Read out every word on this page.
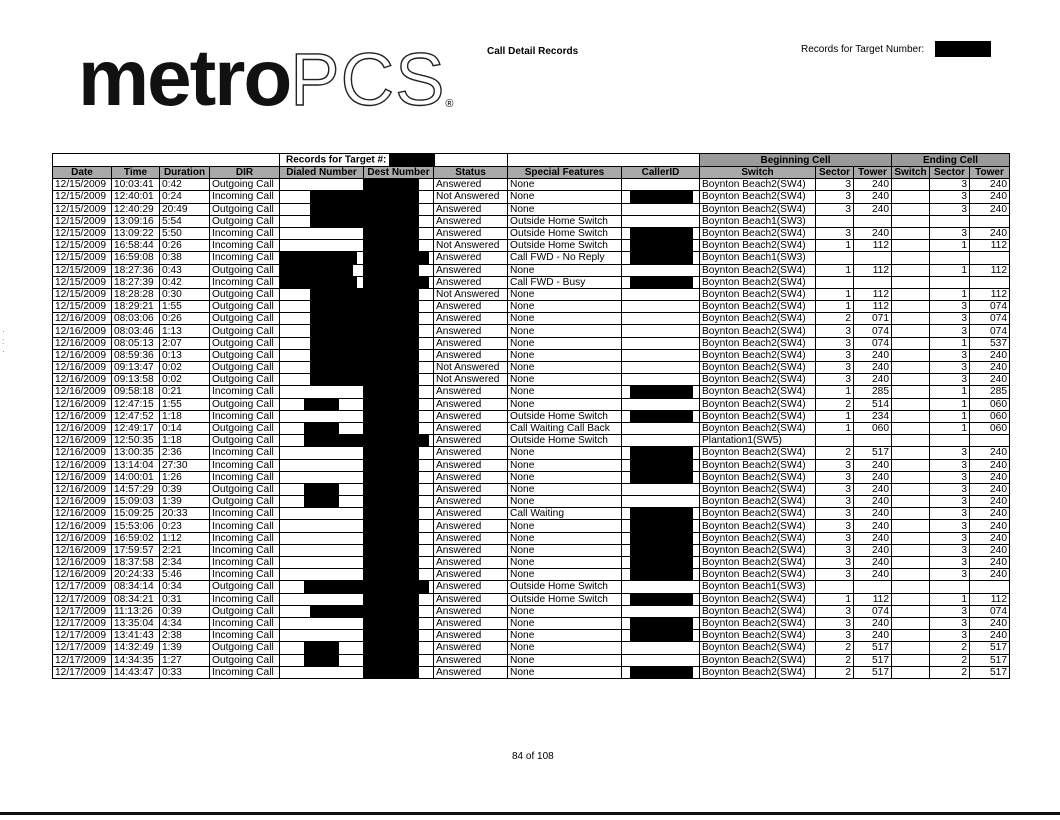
metroPCS®
Call Detail Records	Records for Target Number:
·
:
·
				Records for Target #:					Beginning Cell			Ending Cell		
Date	Time	Duration	DIR	Dialed Number	Dest Number	Status	Special Features	CallerID	Switch	Sector	Tower	Switch	Sector	Tower
12/15/2009	10:03:41	0:42	Outgoing Call			Answered	None		Boynton Beach2(SW4)	3	240		3	240
12/15/2009	12:40:01	0:24	Incoming Call			Not Answered	None		Boynton Beach2(SW4)	3	240		3	240
12/15/2009	12:40:29	20:49	Outgoing Call			Answered	None		Boynton Beach2(SW4)	3	240		3	240
12/15/2009	13:09:16	5:54	Outgoing Call			Answered	Outside Home Switch		Boynton Beach1(SW3)					
12/15/2009	13:09:22	5:50	Incoming Call			Answered	Outside Home Switch		Boynton Beach2(SW4)	3	240		3	240
12/15/2009	16:58:44	0:26	Incoming Call			Not Answered	Outside Home Switch		Boynton Beach2(SW4)	1	112		1	112
12/15/2009	16:59:08	0:38	Incoming Call			Answered	Call FWD - No Reply		Boynton Beach1(SW3)					
12/15/2009	18:27:36	0:43	Outgoing Call			Answered	None		Boynton Beach2(SW4)	1	112		1	112
12/15/2009	18:27:39	0:42	Incoming Call			Answered	Call FWD - Busy		Boynton Beach2(SW4)					
12/15/2009	18:28:28	0:30	Outgoing Call			Not Answered	None		Boynton Beach2(SW4)	1	112		1	112
12/15/2009	18:29:21	1:55	Outgoing Call			Answered	None		Boynton Beach2(SW4)	1	112		3	074
12/16/2009	08:03:06	0:26	Outgoing Call			Answered	None		Boynton Beach2(SW4)	2	071		3	074
12/16/2009	08:03:46	1:13	Outgoing Call			Answered	None		Boynton Beach2(SW4)	3	074		3	074
12/16/2009	08:05:13	2:07	Outgoing Call			Answered	None		Boynton Beach2(SW4)	3	074		1	537
12/16/2009	08:59:36	0:13	Outgoing Call			Answered	None		Boynton Beach2(SW4)	3	240		3	240
12/16/2009	09:13:47	0:02	Outgoing Call			Not Answered	None		Boynton Beach2(SW4)	3	240		3	240
12/16/2009	09:13:58	0:02	Outgoing Call			Not Answered	None		Boynton Beach2(SW4)	3	240		3	240
12/16/2009	09:58:18	0:21	Incoming Call			Answered	None		Boynton Beach2(SW4)	1	285		1	285
12/16/2009	12:47:15	1:55	Outgoing Call			Answered	None		Boynton Beach2(SW4)	2	514		1	060
12/16/2009	12:47:52	1:18	Incoming Call			Answered	Outside Home Switch		Boynton Beach2(SW4)	1	234		1	060
12/16/2009	12:49:17	0:14	Outgoing Call			Answered	Call Waiting Call Back		Boynton Beach2(SW4)	1	060		1	060
12/16/2009	12:50:35	1:18	Outgoing Call			Answered	Outside Home Switch		Plantation1(SW5)					
12/16/2009	13:00:35	2:36	Incoming Call			Answered	None		Boynton Beach2(SW4)	2	517		3	240
12/16/2009	13:14:04	27:30	Incoming Call			Answered	None		Boynton Beach2(SW4)	3	240		3	240
12/16/2009	14:00:01	1:26	Incoming Call			Answered	None		Boynton Beach2(SW4)	3	240		3	240
12/16/2009	14:57:29	0:39	Outgoing Call			Answered	None		Boynton Beach2(SW4)	3	240		3	240
12/16/2009	15:09:03	1:39	Outgoing Call			Answered	None		Boynton Beach2(SW4)	3	240		3	240
12/16/2009	15:09:25	20:33	Incoming Call			Answered	Call Waiting		Boynton Beach2(SW4)	3	240		3	240
12/16/2009	15:53:06	0:23	Incoming Call			Answered	None		Boynton Beach2(SW4)	3	240		3	240
12/16/2009	16:59:02	1:12	Incoming Call			Answered	None		Boynton Beach2(SW4)	3	240		3	240
12/16/2009	17:59:57	2:21	Incoming Call			Answered	None		Boynton Beach2(SW4)	3	240		3	240
12/16/2009	18:37:58	2:34	Incoming Call			Answered	None		Boynton Beach2(SW4)	3	240		3	240
12/16/2009	20:24:33	5:46	Incoming Call			Answered	None		Boynton Beach2(SW4)	3	240		3	240
12/17/2009	08:34:14	0:34	Outgoing Call			Answered	Outside Home Switch		Boynton Beach1(SW3)					
12/17/2009	08:34:21	0:31	Incoming Call			Answered	Outside Home Switch		Boynton Beach2(SW4)	1	112		1	112
12/17/2009	11:13:26	0:39	Outgoing Call			Answered	None		Boynton Beach2(SW4)	3	074		3	074
12/17/2009	13:35:04	4:34	Incoming Call			Answered	None		Boynton Beach2(SW4)	3	240		3	240
12/17/2009	13:41:43	2:38	Incoming Call			Answered	None		Boynton Beach2(SW4)	3	240		3	240
12/17/2009	14:32:49	1:39	Outgoing Call			Answered	None		Boynton Beach2(SW4)	2	517		2	517
12/17/2009	14:34:35	1:27	Outgoing Call			Answered	None		Boynton Beach2(SW4)	2	517		2	517
12/17/2009	14:43:47	0:33	Incoming Call			Answered	None		Boynton Beach2(SW4)	2	517		2	517
84 of 108
